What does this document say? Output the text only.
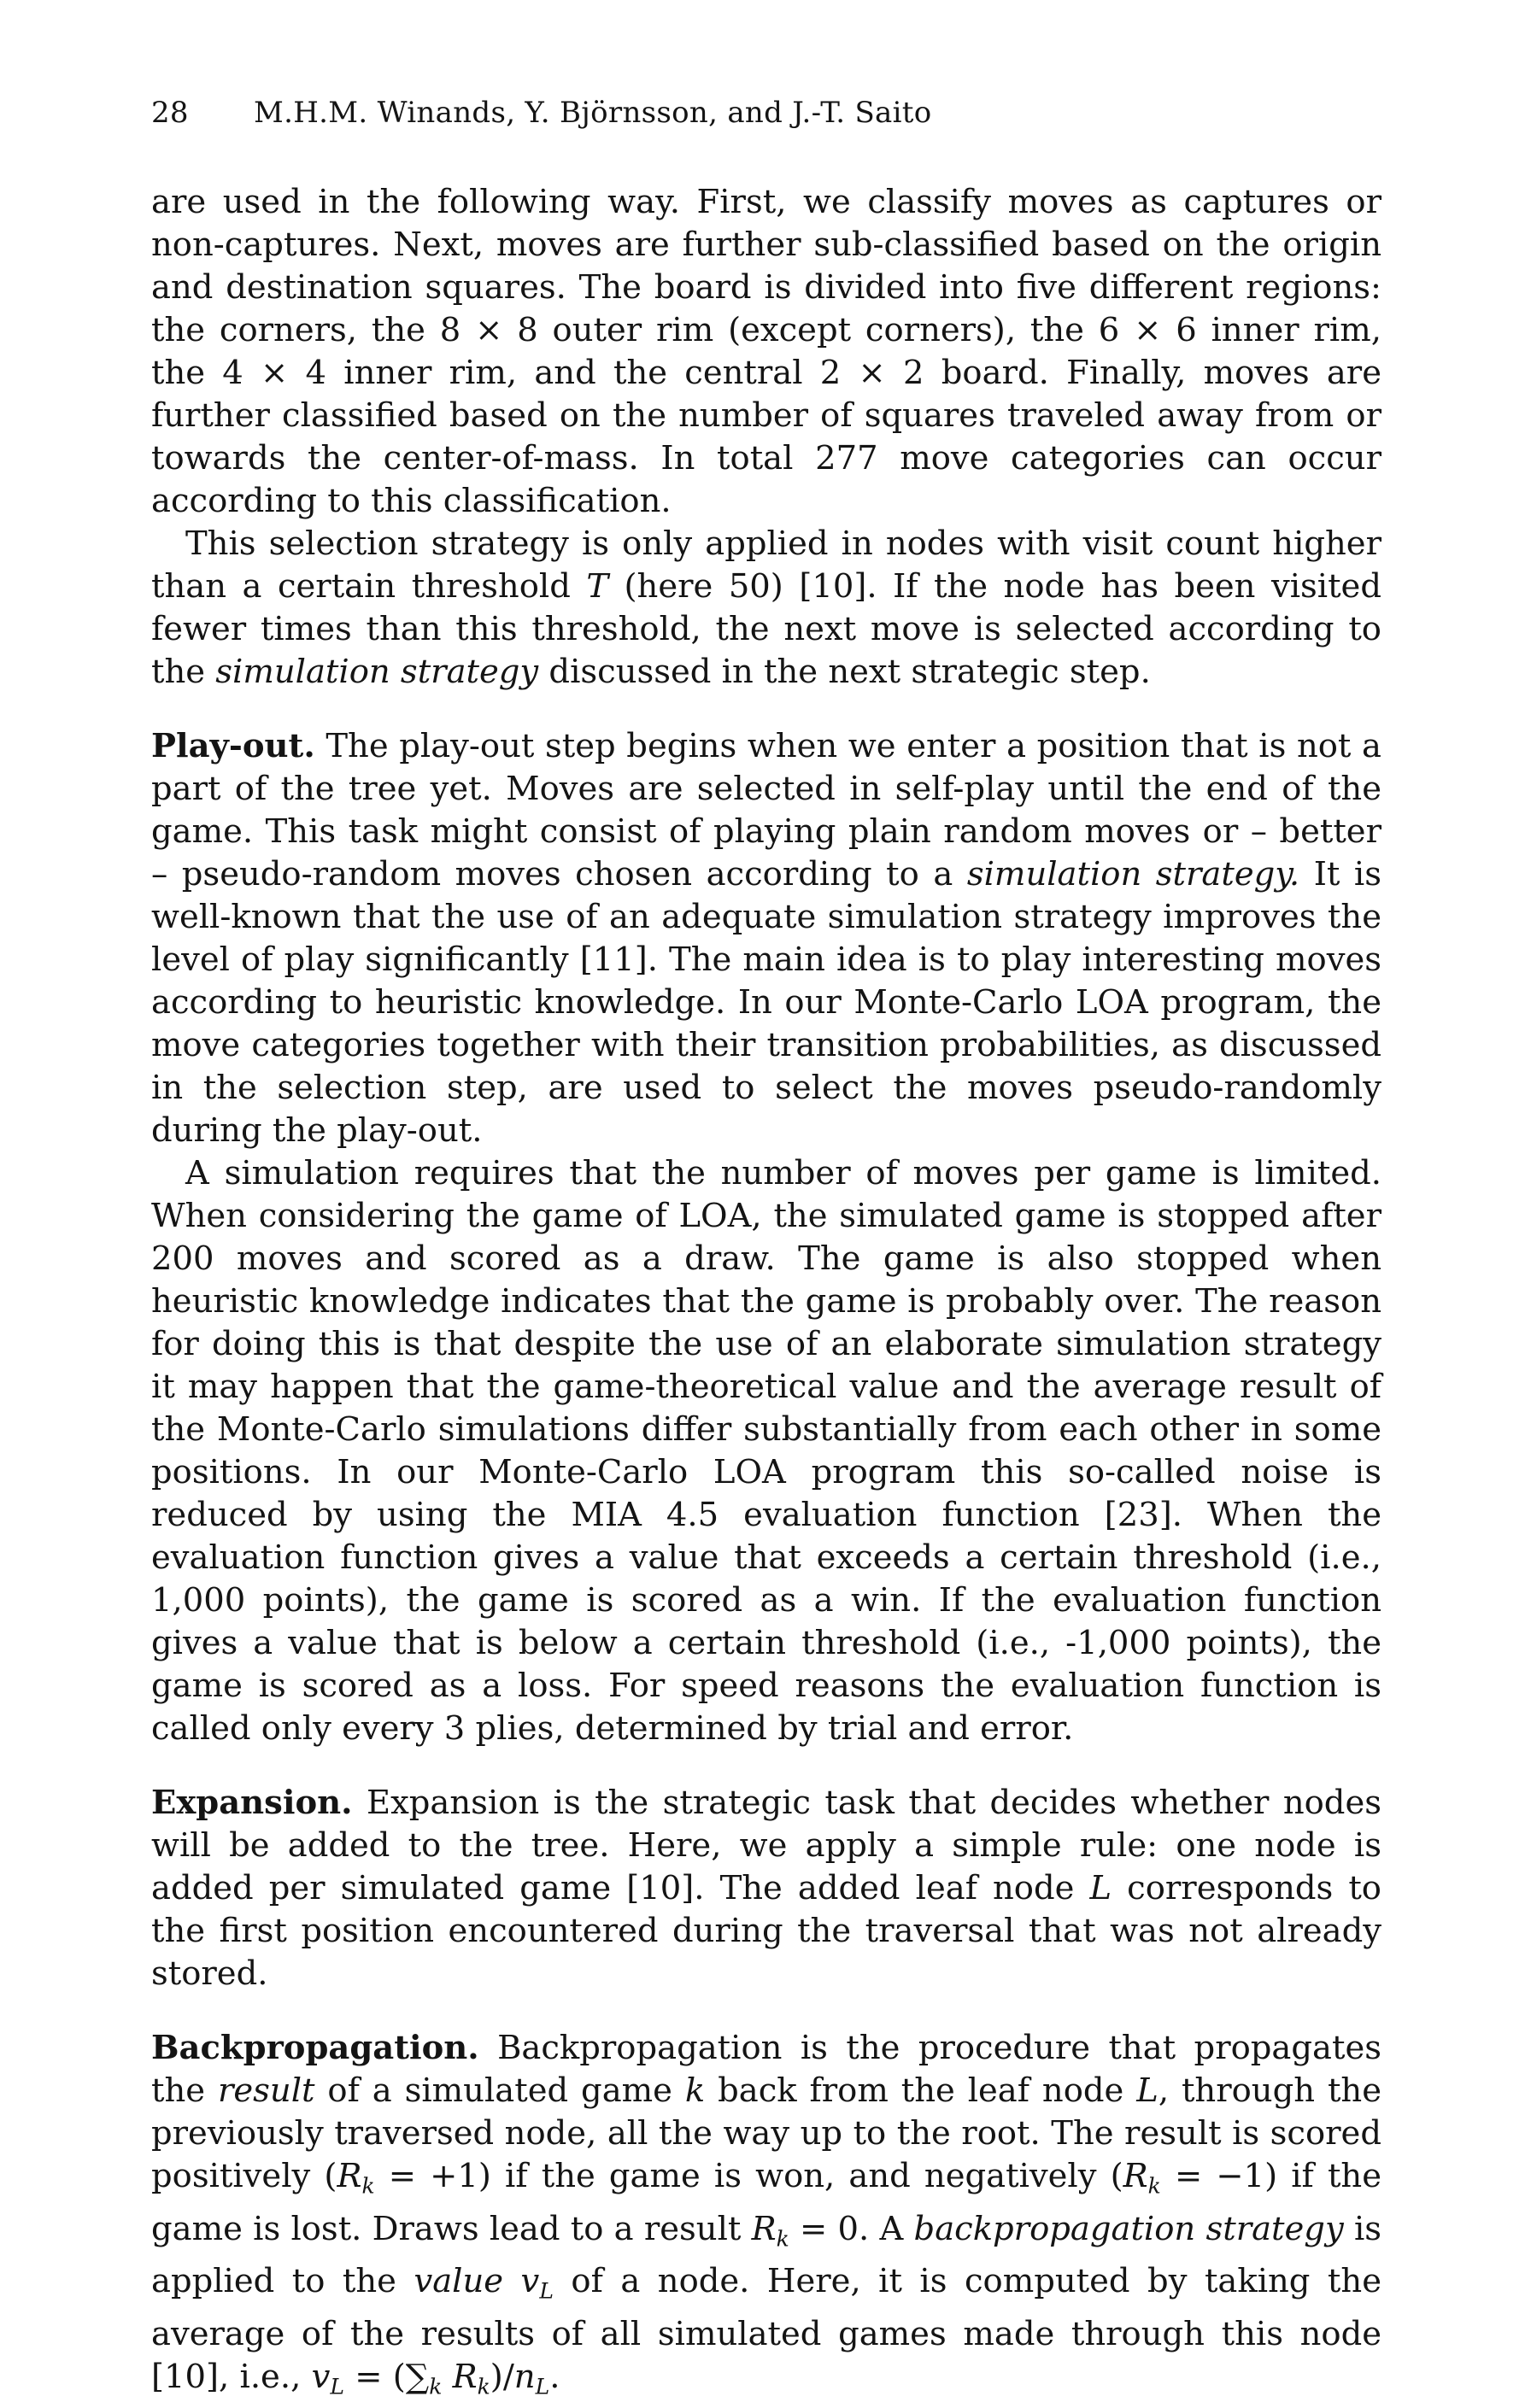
28 M.H.M. Winands, Y. Björnsson, and J.-T. Saito

are used in the following way. First, we classify moves as captures or non-captures. Next, moves are further sub-classified based on the origin and destination squares. The board is divided into five different regions: the corners, the 8 × 8 outer rim (except corners), the 6 × 6 inner rim, the 4 × 4 inner rim, and the central 2 × 2 board. Finally, moves are further classified based on the number of squares traveled away from or towards the center-of-mass. In total 277 move categories can occur according to this classification.

This selection strategy is only applied in nodes with visit count higher than a certain threshold T (here 50) [10]. If the node has been visited fewer times than this threshold, the next move is selected according to the simulation strategy discussed in the next strategic step.

Play-out. The play-out step begins when we enter a position that is not a part of the tree yet. Moves are selected in self-play until the end of the game. This task might consist of playing plain random moves or – better – pseudo-random moves chosen according to a simulation strategy. It is well-known that the use of an adequate simulation strategy improves the level of play significantly [11]. The main idea is to play interesting moves according to heuristic knowledge. In our Monte-Carlo LOA program, the move categories together with their transition probabilities, as discussed in the selection step, are used to select the moves pseudo-randomly during the play-out.

A simulation requires that the number of moves per game is limited. When considering the game of LOA, the simulated game is stopped after 200 moves and scored as a draw. The game is also stopped when heuristic knowledge indicates that the game is probably over. The reason for doing this is that despite the use of an elaborate simulation strategy it may happen that the game-theoretical value and the average result of the Monte-Carlo simulations differ substantially from each other in some positions. In our Monte-Carlo LOA program this so-called noise is reduced by using the MIA 4.5 evaluation function [23]. When the evaluation function gives a value that exceeds a certain threshold (i.e., 1,000 points), the game is scored as a win. If the evaluation function gives a value that is below a certain threshold (i.e., -1,000 points), the game is scored as a loss. For speed reasons the evaluation function is called only every 3 plies, determined by trial and error.

Expansion. Expansion is the strategic task that decides whether nodes will be added to the tree. Here, we apply a simple rule: one node is added per simulated game [10]. The added leaf node L corresponds to the first position encountered during the traversal that was not already stored.

Backpropagation. Backpropagation is the procedure that propagates the result of a simulated game k back from the leaf node L, through the previously traversed node, all the way up to the root. The result is scored positively $(R_k = +1)$ if the game is won, and negatively $(R_k = -1)$ if the game is lost. Draws lead to a result $R_k = 0$. A backpropagation strategy is applied to the value $v_L$ of a node. Here, it is computed by taking the average of the results of all simulated games made through this node [10], i.e., $v_L = (\sum_k$ $R_k)/n_L$.
